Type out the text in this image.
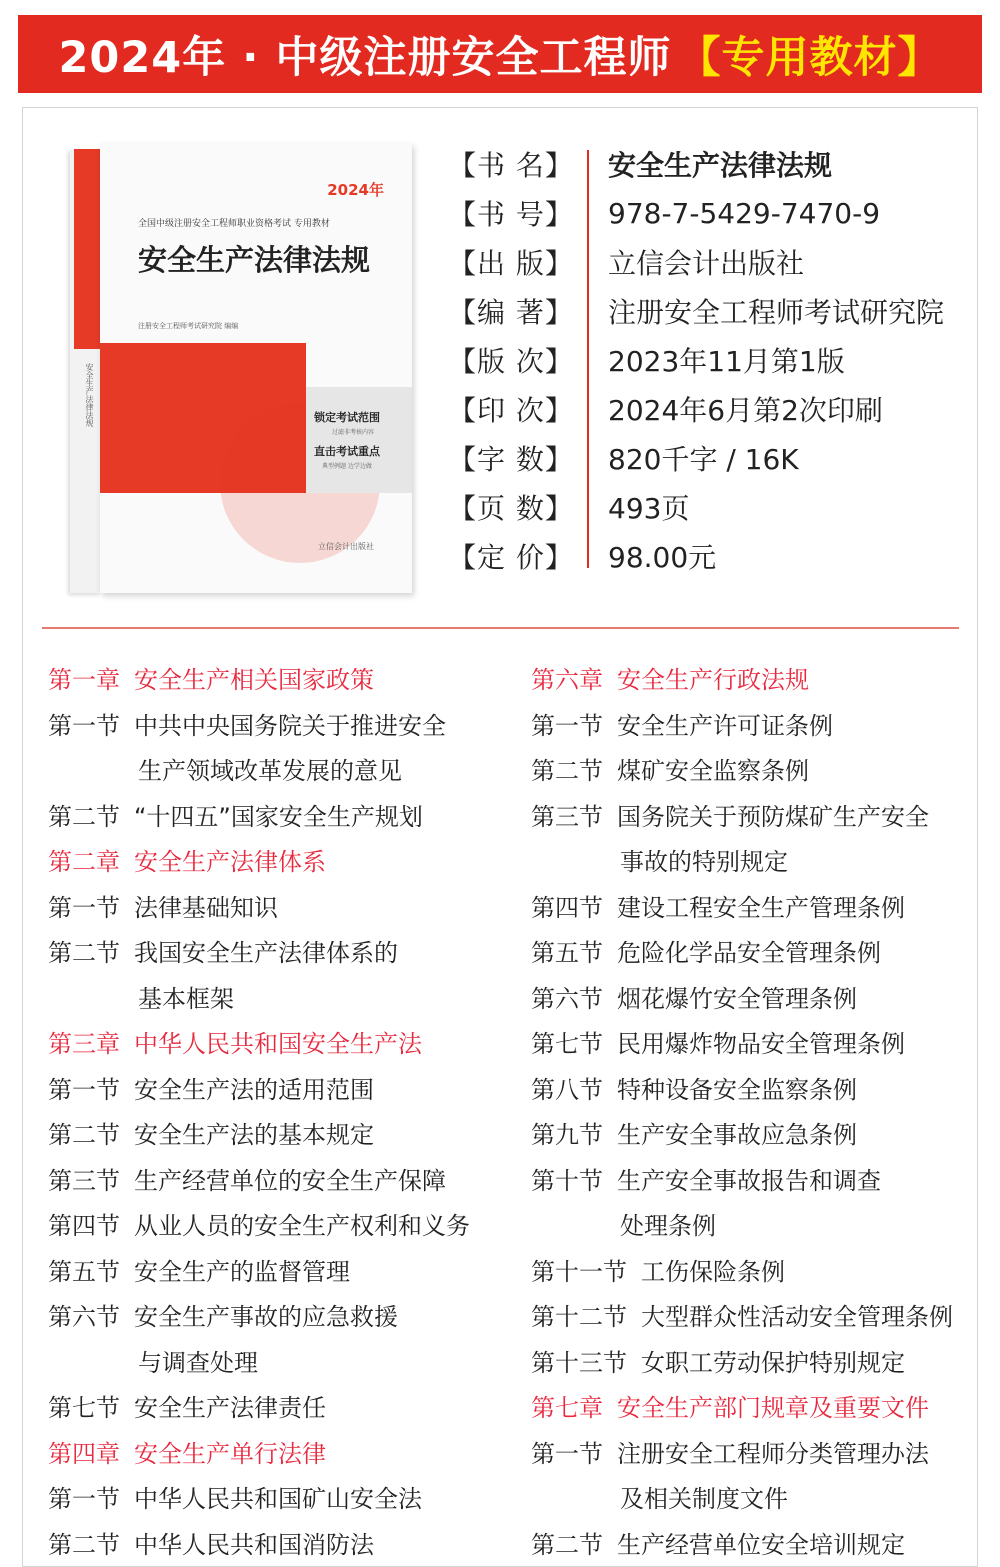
2024年 · 中级注册安全工程师 【专用教材】
安全生产法律法规
2024年
全国中级注册安全工程师职业资格考试 专用教材
安全生产法律法规
注册安全工程师考试研究院 编编
锁定考试范围
过滤非考核内容
直击考试重点
典型例题 边学边做
立信会计出版社
【书 名】 安全生产法律法规
【书 号】 978-7-5429-7470-9
【出 版】 立信会计出版社
【编 著】 注册安全工程师考试研究院
【版 次】 2023年11月第1版
【印 次】 2024年6月第2次印刷
【字 数】 820千字 / 16K
【页 数】 493页
【定 价】 98.00元
第一章 安全生产相关国家政策
第一节 中共中央国务院关于推进安全
生产领域改革发展的意见
第二节 “十四五”国家安全生产规划
第二章 安全生产法律体系
第一节 法律基础知识
第二节 我国安全生产法律体系的
基本框架
第三章 中华人民共和国安全生产法
第一节 安全生产法的适用范围
第二节 安全生产法的基本规定
第三节 生产经营单位的安全生产保障
第四节 从业人员的安全生产权利和义务
第五节 安全生产的监督管理
第六节 安全生产事故的应急救援
与调查处理
第七节 安全生产法律责任
第四章 安全生产单行法律
第一节 中华人民共和国矿山安全法
第二节 中华人民共和国消防法
第六章 安全生产行政法规
第一节 安全生产许可证条例
第二节 煤矿安全监察条例
第三节 国务院关于预防煤矿生产安全
事故的特别规定
第四节 建设工程安全生产管理条例
第五节 危险化学品安全管理条例
第六节 烟花爆竹安全管理条例
第七节 民用爆炸物品安全管理条例
第八节 特种设备安全监察条例
第九节 生产安全事故应急条例
第十节 生产安全事故报告和调查
处理条例
第十一节 工伤保险条例
第十二节 大型群众性活动安全管理条例
第十三节 女职工劳动保护特别规定
第七章 安全生产部门规章及重要文件
第一节 注册安全工程师分类管理办法
及相关制度文件
第二节 生产经营单位安全培训规定
